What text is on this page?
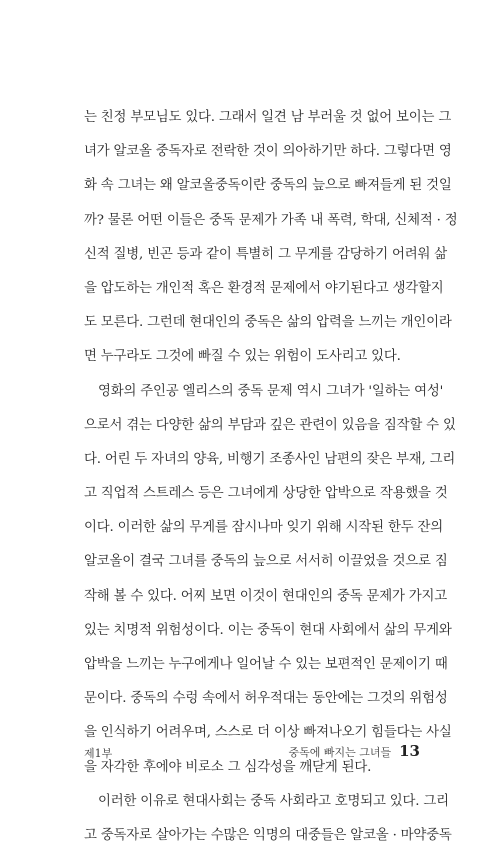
는 친정 부모님도 있다. 그래서 일견 남 부러울 것 없어 보이는 그
녀가 알코올 중독자로 전락한 것이 의아하기만 하다. 그렇다면 영
화 속 그녀는 왜 알코올중독이란 중독의 늪으로 빠져들게 된 것일
까? 물론 어떤 이들은 중독 문제가 가족 내 폭력, 학대, 신체적 · 정
신적 질병, 빈곤 등과 같이 특별히 그 무게를 감당하기 어려워 삶
을 압도하는 개인적 혹은 환경적 문제에서 야기된다고 생각할지
도 모른다. 그런데 현대인의 중독은 삶의 압력을 느끼는 개인이라
면 누구라도 그것에 빠질 수 있는 위험이 도사리고 있다.
영화의 주인공 엘리스의 중독 문제 역시 그녀가 '일하는 여성'
으로서 겪는 다양한 삶의 부담과 깊은 관련이 있음을 짐작할 수 있
다. 어린 두 자녀의 양육, 비행기 조종사인 남편의 잦은 부재, 그리
고 직업적 스트레스 등은 그녀에게 상당한 압박으로 작용했을 것
이다. 이러한 삶의 무게를 잠시나마 잊기 위해 시작된 한두 잔의
알코올이 결국 그녀를 중독의 늪으로 서서히 이끌었을 것으로 짐
작해 볼 수 있다. 어찌 보면 이것이 현대인의 중독 문제가 가지고
있는 치명적 위험성이다. 이는 중독이 현대 사회에서 삶의 무게와
압박을 느끼는 누구에게나 일어날 수 있는 보편적인 문제이기 때
문이다. 중독의 수렁 속에서 허우적대는 동안에는 그것의 위험성
을 인식하기 어려우며, 스스로 더 이상 빠져나오기 힘들다는 사실
을 자각한 후에야 비로소 그 심각성을 깨닫게 된다.
이러한 이유로 현대사회는 중독 사회라고 호명되고 있다. 그리
고 중독자로 살아가는 수많은 익명의 대중들은 알코올 · 마약중독
제1부	중독에 빠지는 그녀들 13
